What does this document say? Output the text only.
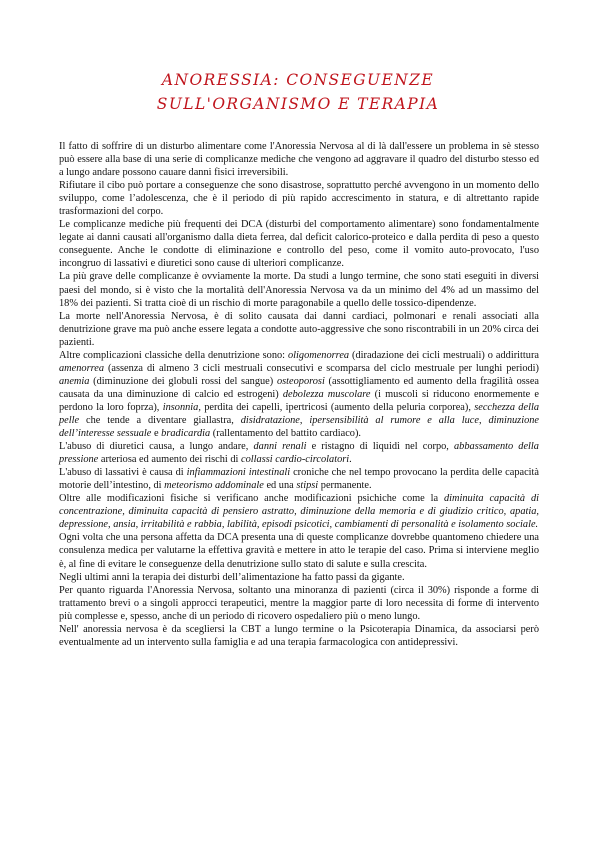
ANORESSIA: CONSEGUENZE
SULL'ORGANISMO E TERAPIA

Il fatto di soffrire di un disturbo alimentare come l'Anoressia Nervosa al di là dall'essere un problema in sè stesso può essere alla base di una serie di complicanze mediche che vengono ad aggravare il quadro del disturbo stesso ed a lungo andare possono cauare danni fisici irreversibili.

Rifiutare il cibo può portare a conseguenze che sono disastrose, soprattutto perché avvengono in un momento dello sviluppo, come l’adolescenza, che è il periodo di più rapido accrescimento in statura, e di altrettanto rapide trasformazioni del corpo.

Le complicanze mediche più frequenti dei DCA (disturbi del comportamento alimentare) sono fondamentalmente legate ai danni causati all'organismo dalla dieta ferrea, dal deficit calorico-proteico e dalla perdita di peso a questo conseguente. Anche le condotte di eliminazione e controllo del peso, come il vomito auto-provocato, l'uso incongruo di lassativi e diuretici sono cause di ulteriori complicanze.

La più grave delle complicanze è ovviamente la morte. Da studi a lungo termine, che sono stati eseguiti in diversi paesi del mondo, si è visto che la mortalità dell'Anoressia Nervosa va da un minimo del 4% ad un massimo del 18% dei pazienti. Si tratta cioè di un rischio di morte paragonabile a quello delle tossico-dipendenze.

La morte nell'Anoressia Nervosa, è di solito causata dai danni cardiaci, polmonari e renali associati alla denutrizione grave ma può anche essere legata a condotte auto-aggressive che sono riscontrabili in un 20% circa dei pazienti.

Altre complicazioni classiche della denutrizione sono: oligomenorrea (diradazione dei cicli mestruali) o addirittura amenorrea (assenza di almeno 3 cicli mestruali consecutivi e scomparsa del ciclo mestruale per lunghi periodi) anemia (diminuzione dei globuli rossi del sangue) osteoporosi (assottigliamento ed aumento della fragilità ossea causata da una diminuzione di calcio ed estrogeni) debolezza muscolare (i muscoli si riducono enormemente e perdono la loro foprza), insonnia, perdita dei capelli, ipertricosi (aumento della peluria corporea), secchezza della pelle che tende a diventare giallastra, disidratazione, ipersensibilità al rumore e alla luce, diminuzione dell’interesse sessuale e bradicardia (rallentamento del battito cardiaco).

L'abuso di diuretici causa, a lungo andare, danni renali e ristagno di liquidi nel corpo, abbassamento della pressione arteriosa ed aumento dei rischi di collassi cardio-circolatori.

L'abuso di lassativi è causa di infiammazioni intestinali croniche che nel tempo provocano la perdita delle capacità motorie dell’intestino, di meteorismo addominale ed una stipsi permanente.

Oltre alle modificazioni fisiche si verificano anche modificazioni psichiche come la diminuita capacità di concentrazione, diminuita capacità di pensiero astratto, diminuzione della memoria e di giudizio critico, apatia, depressione, ansia, irritabilità e rabbia, labilità, episodi psicotici, cambiamenti di personalità e isolamento sociale.

Ogni volta che una persona affetta da DCA presenta una di queste complicanze dovrebbe quantomeno chiedere una consulenza medica per valutarne la effettiva gravità e mettere in atto le terapie del caso. Prima si interviene meglio è, al fine di evitare le conseguenze della denutrizione sullo stato di salute e sulla crescita.

Negli ultimi anni la terapia dei disturbi dell’alimentazione ha fatto passi da gigante.

Per quanto riguarda l'Anoressia Nervosa, soltanto una minoranza di pazienti (circa il 30%) risponde a forme di trattamento brevi o a singoli approcci terapeutici, mentre la maggior parte di loro necessita di forme di intervento più complesse e, spesso, anche di un periodo di ricovero ospedaliero più o meno lungo.

Nell' anoressia nervosa è da scegliersi la CBT a lungo termine o la Psicoterapia Dinamica, da associarsi però eventualmente ad un intervento sulla famiglia e ad una terapia farmacologica con antidepressivi.
